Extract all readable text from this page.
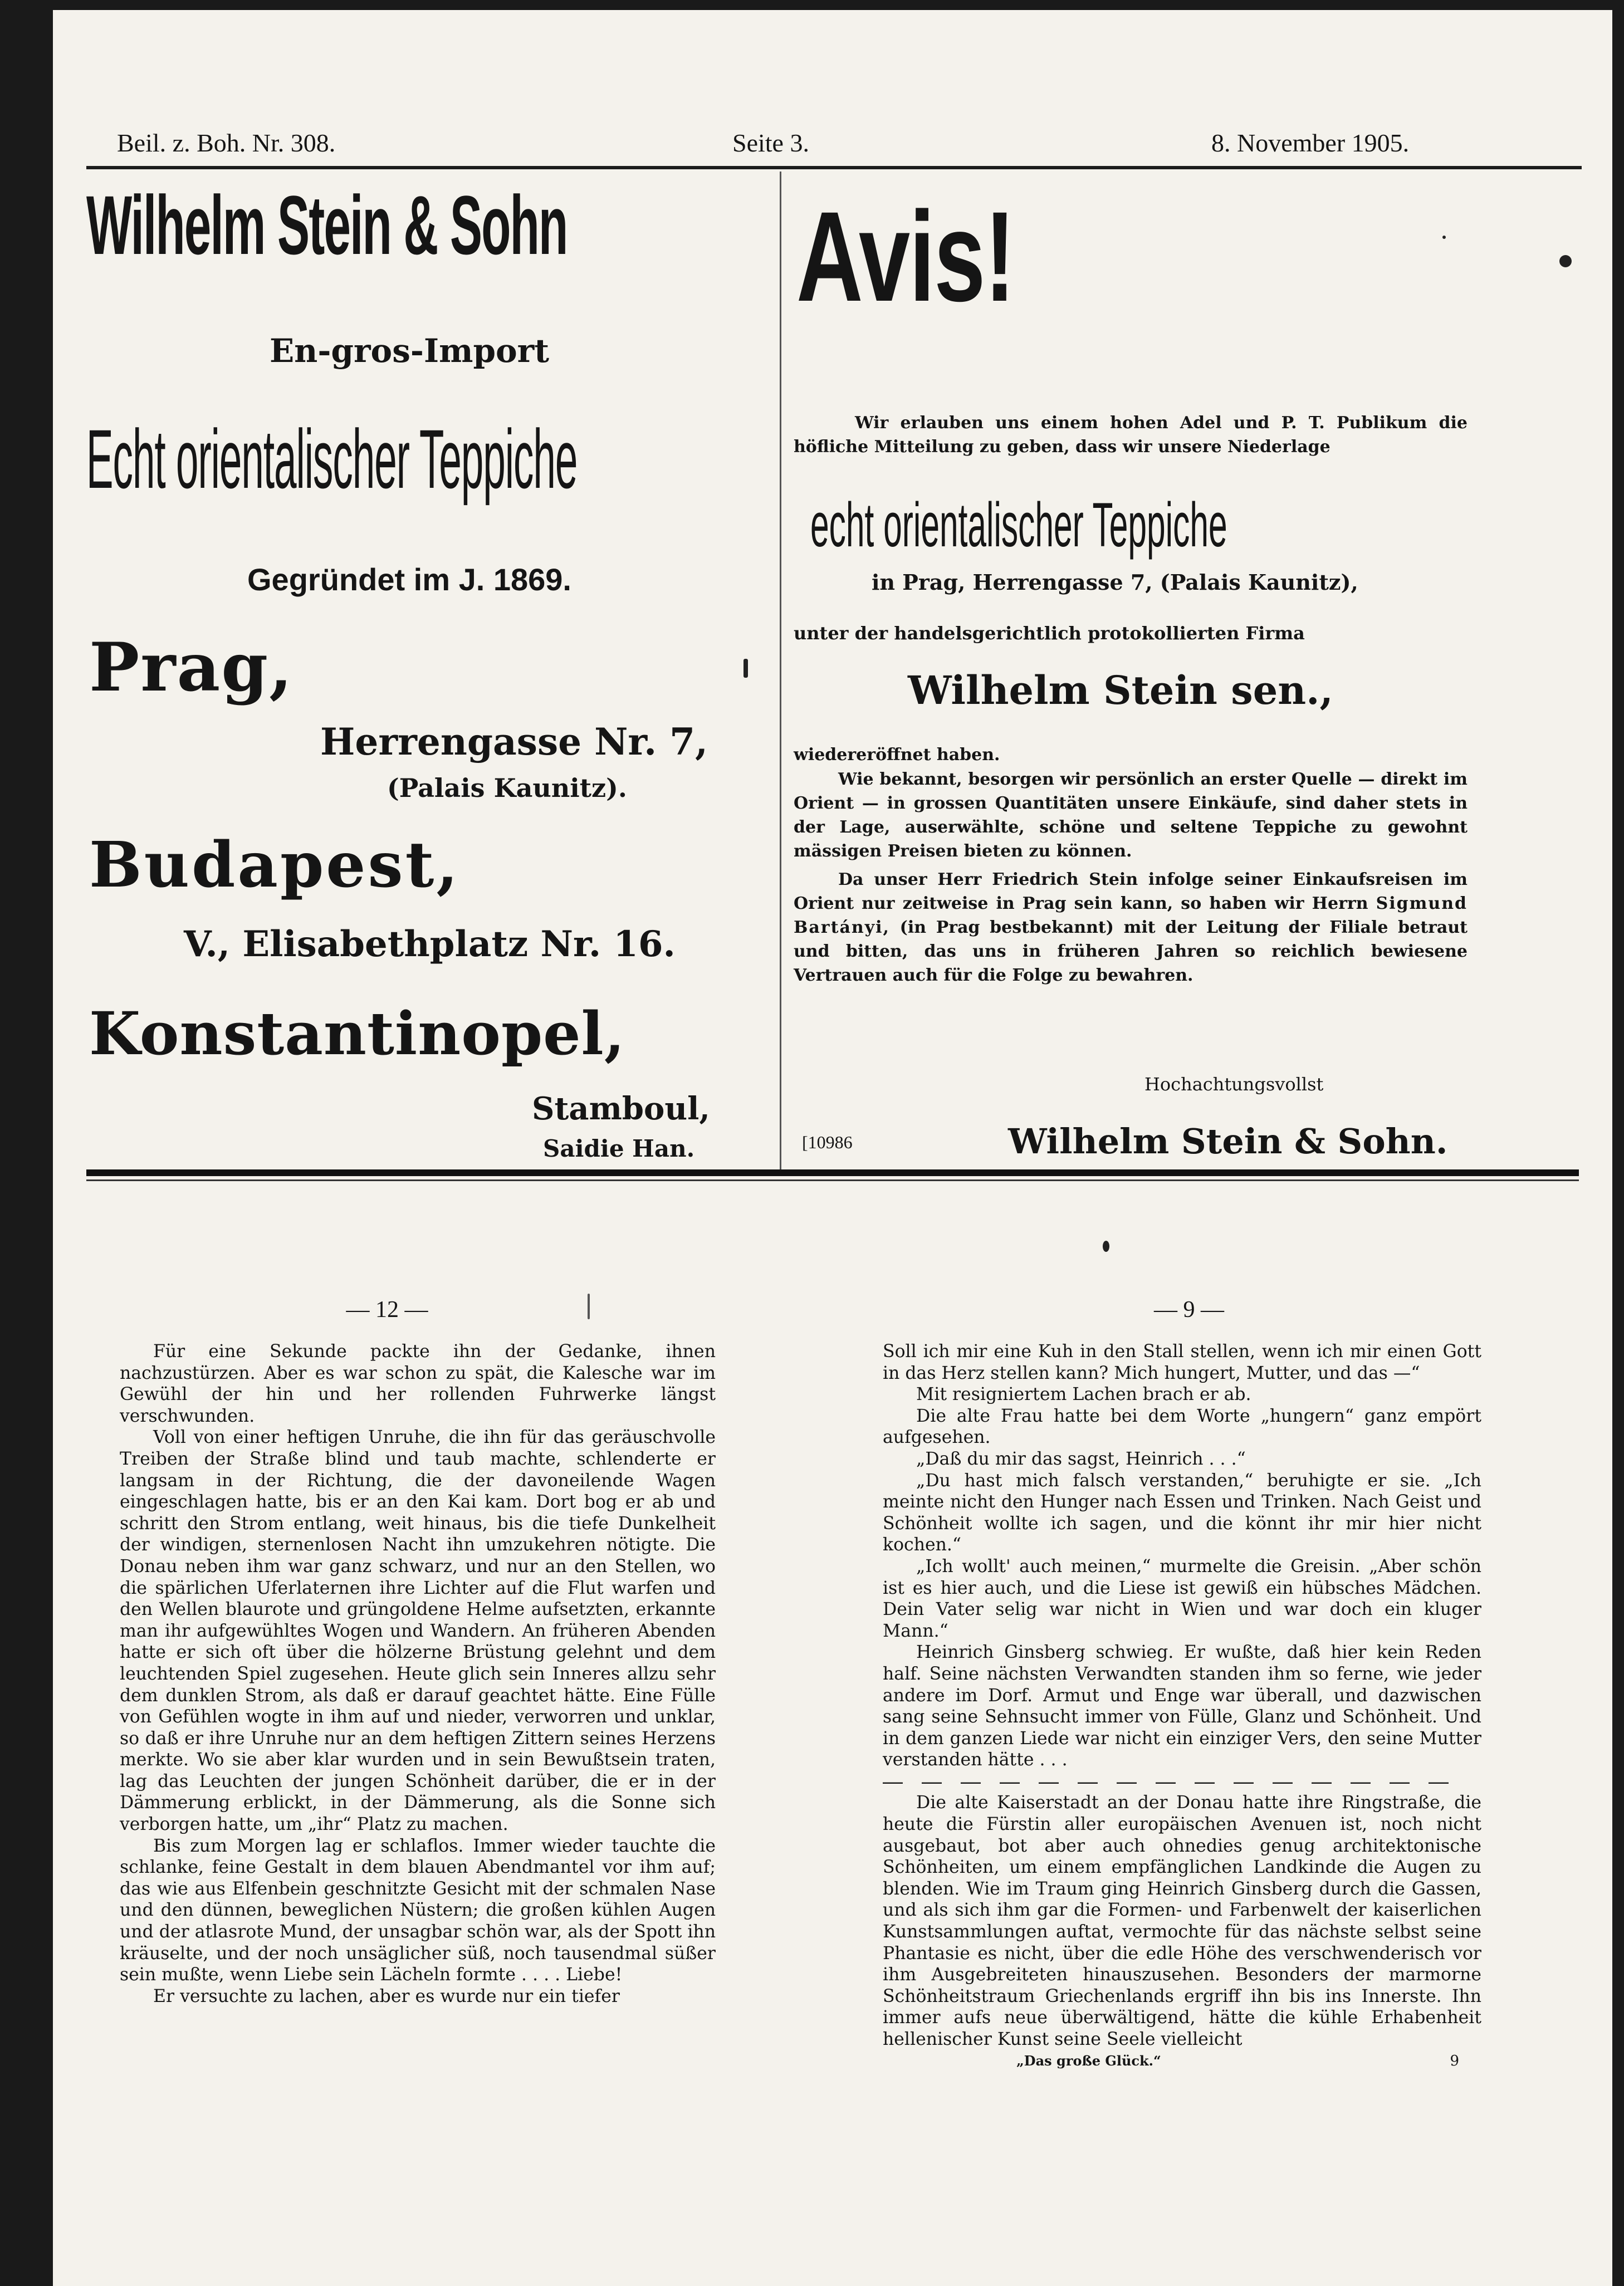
Beil. z. Boh. Nr. 308.	Seite 3.	8. November 1905.
Wilhelm Stein & Sohn
En-gros-Import
Echt orientalischer Teppiche
Gegründet im J. 1869.
Prag,
Herrengasse Nr. 7,
(Palais Kaunitz).
Budapest,
V., Elisabethplatz Nr. 16.
Konstantinopel,
Stamboul,
Saidie Han.
Avis!
Wir erlauben uns einem hohen Adel und P. T. Publikum die höfliche Mitteilung zu geben, dass wir unsere Niederlage
echt orientalischer Teppiche
in Prag, Herrengasse 7, (Palais Kaunitz),
unter der handelsgerichtlich protokollierten Firma
Wilhelm Stein sen.,
wiedereröffnet haben.
Wie bekannt, besorgen wir persönlich an erster Quelle — direkt im Orient — in grossen Quantitäten unsere Einkäufe, sind daher stets in der Lage, auserwählte, schöne und seltene Teppiche zu gewohnt mässigen Preisen bieten zu können.
Da unser Herr Friedrich Stein infolge seiner Einkaufsreisen im Orient nur zeitweise in Prag sein kann, so haben wir Herrn Sigmund Bartányi, (in Prag bestbekannt) mit der Leitung der Filiale betraut und bitten, das uns in früheren Jahren so reichlich bewiesene Vertrauen auch für die Folge zu bewahren.
Hochachtungsvollst
[10986	Wilhelm Stein & Sohn.
— 12 —

Für eine Sekunde packte ihn der Gedanke, ihnen nachzustürzen. Aber es war schon zu spät, die Kalesche war im Gewühl der hin und her rollenden Fuhrwerke längst verschwunden.

Voll von einer heftigen Unruhe, die ihn für das geräuschvolle Treiben der Straße blind und taub machte, schlenderte er langsam in der Richtung, die der davoneilende Wagen eingeschlagen hatte, bis er an den Kai kam. Dort bog er ab und schritt den Strom entlang, weit hinaus, bis die tiefe Dunkelheit der windigen, sternenlosen Nacht ihn umzukehren nötigte. Die Donau neben ihm war ganz schwarz, und nur an den Stellen, wo die spärlichen Uferlaternen ihre Lichter auf die Flut warfen und den Wellen blaurote und grüngoldene Helme aufsetzten, erkannte man ihr aufgewühltes Wogen und Wandern. An früheren Abenden hatte er sich oft über die hölzerne Brüstung gelehnt und dem leuchtenden Spiel zugesehen. Heute glich sein Inneres allzu sehr dem dunklen Strom, als daß er darauf geachtet hätte. Eine Fülle von Gefühlen wogte in ihm auf und nieder, verworren und unklar, so daß er ihre Unruhe nur an dem heftigen Zittern seines Herzens merkte. Wo sie aber klar wurden und in sein Bewußtsein traten, lag das Leuchten der jungen Schönheit darüber, die er in der Dämmerung erblickt, in der Dämmerung, als die Sonne sich verborgen hatte, um „ihr“ Platz zu machen.

Bis zum Morgen lag er schlaflos. Immer wieder tauchte die schlanke, feine Gestalt in dem blauen Abendmantel vor ihm auf; das wie aus Elfenbein geschnitzte Gesicht mit der schmalen Nase und den dünnen, beweglichen Nüstern; die großen kühlen Augen und der atlasrote Mund, der unsagbar schön war, als der Spott ihn kräuselte, und der noch unsäglicher süß, noch tausendmal süßer sein mußte, wenn Liebe sein Lächeln formte . . . . Liebe!

Er versuchte zu lachen, aber es wurde nur ein tiefer

— 9 —

Soll ich mir eine Kuh in den Stall stellen, wenn ich mir einen Gott in das Herz stellen kann? Mich hungert, Mutter, und das —“

Mit resigniertem Lachen brach er ab.

Die alte Frau hatte bei dem Worte „hungern“ ganz empört aufgesehen.

„Daß du mir das sagst, Heinrich . . .“

„Du hast mich falsch verstanden,“ beruhigte er sie. „Ich meinte nicht den Hunger nach Essen und Trinken. Nach Geist und Schönheit wollte ich sagen, und die könnt ihr mir hier nicht kochen.“

„Ich wollt' auch meinen,“ murmelte die Greisin. „Aber schön ist es hier auch, und die Liese ist gewiß ein hübsches Mädchen. Dein Vater selig war nicht in Wien und war doch ein kluger Mann.“

Heinrich Ginsberg schwieg. Er wußte, daß hier kein Reden half. Seine nächsten Verwandten standen ihm so ferne, wie jeder andere im Dorf. Armut und Enge war überall, und dazwischen sang seine Sehnsucht immer von Fülle, Glanz und Schönheit. Und in dem ganzen Liede war nicht ein einziger Vers, den seine Mutter verstanden hätte . . .

— — — — — — — — — — — — — — —

Die alte Kaiserstadt an der Donau hatte ihre Ringstraße, die heute die Fürstin aller europäischen Avenuen ist, noch nicht ausgebaut, bot aber auch ohnedies genug architektonische Schönheiten, um einem empfänglichen Landkinde die Augen zu blenden. Wie im Traum ging Heinrich Ginsberg durch die Gassen, und als sich ihm gar die Formen- und Farbenwelt der kaiserlichen Kunstsammlungen auftat, vermochte für das nächste selbst seine Phantasie es nicht, über die edle Höhe des verschwenderisch vor ihm Ausgebreiteten hinauszusehen. Besonders der marmorne Schönheitstraum Griechenlands ergriff ihn bis ins Innerste. Ihn immer aufs neue überwältigend, hätte die kühle Erhabenheit hellenischer Kunst seine Seele vielleicht

„Das große Glück.“	9
